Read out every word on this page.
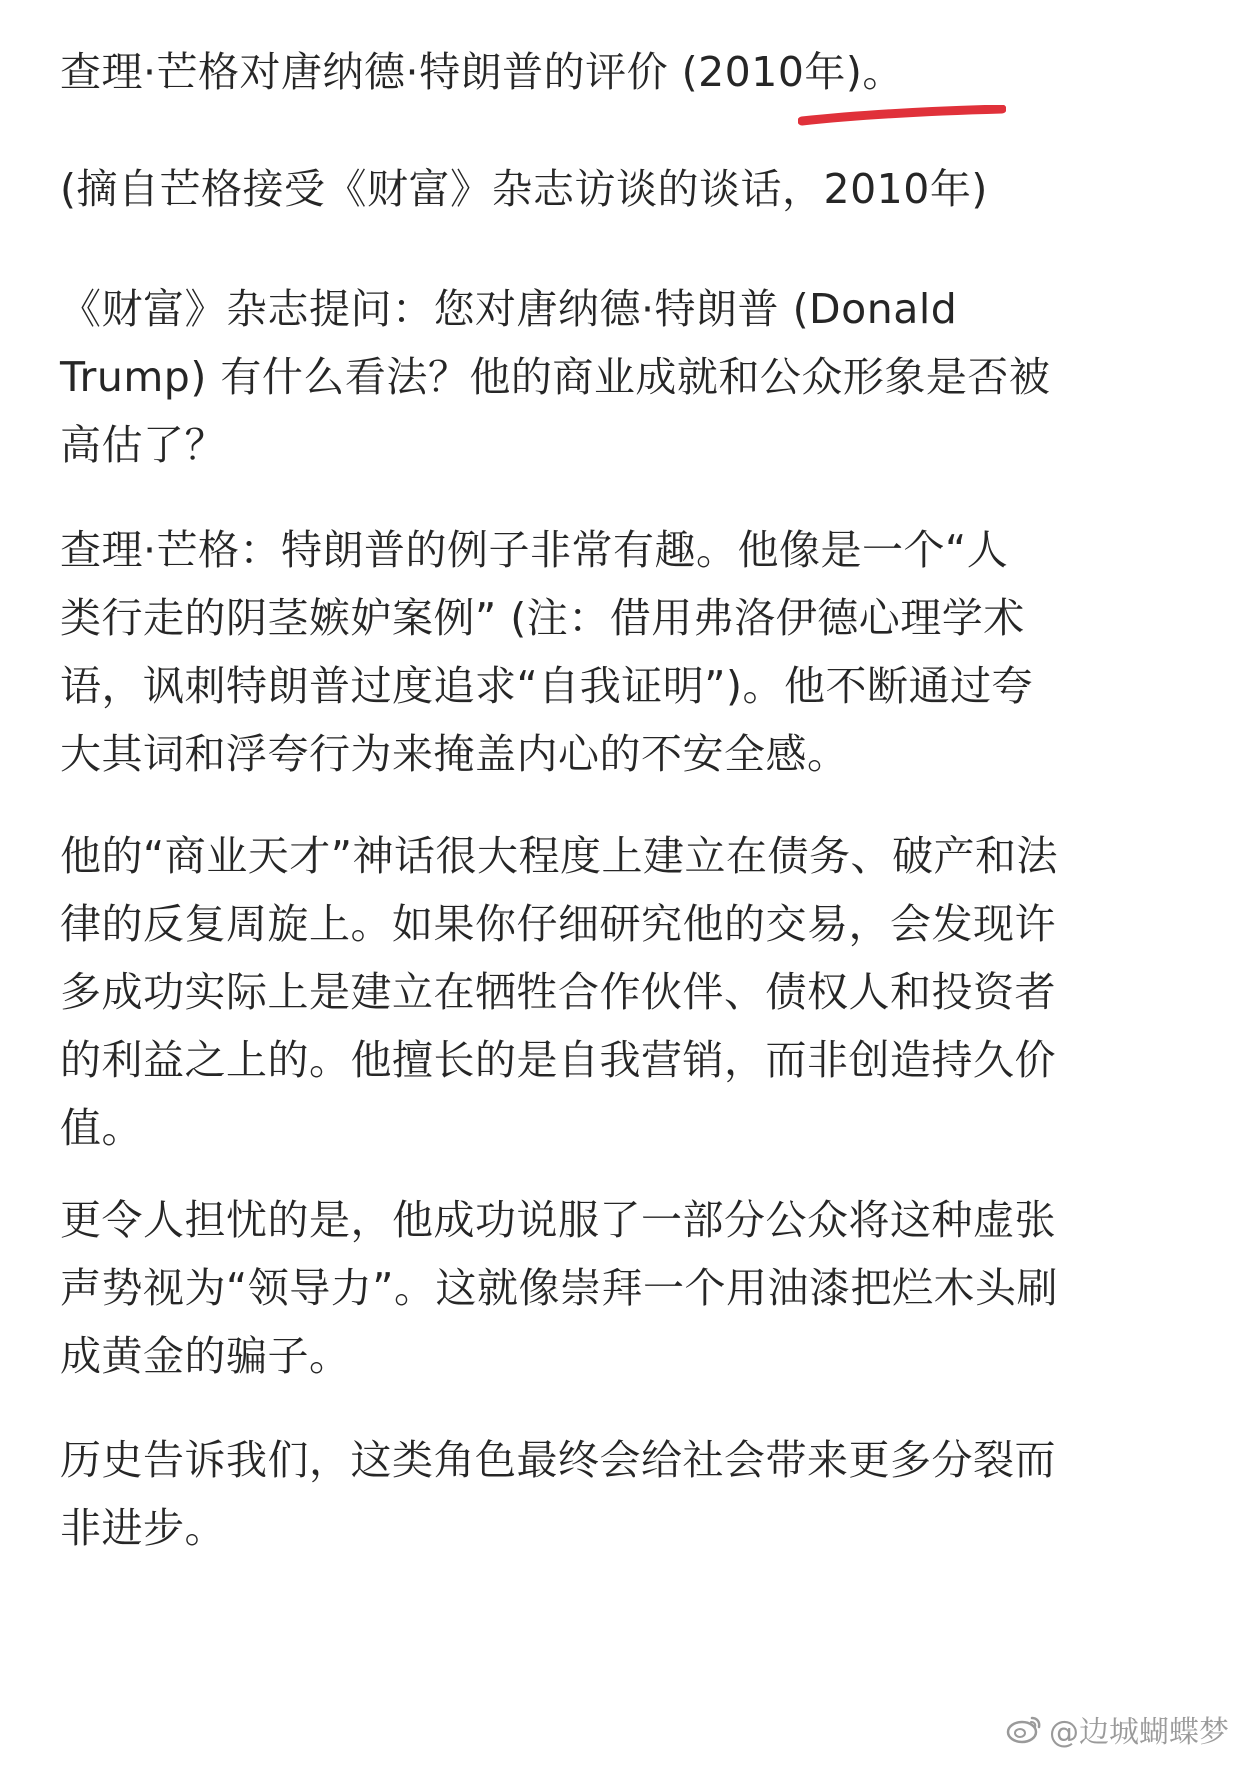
查理·芒格对唐纳德·特朗普的评价 (2010年)。

(摘自芒格接受《财富》杂志访谈的谈话，2010年)

《财富》杂志提问：您对唐纳德·特朗普 (Donald
Trump) 有什么看法？他的商业成就和公众形象是否被
高估了？

查理·芒格：特朗普的例子非常有趣。他像是一个“人
类行走的阴茎嫉妒案例” (注：借用弗洛伊德心理学术
语，讽刺特朗普过度追求“自我证明”)。他不断通过夸
大其词和浮夸行为来掩盖内心的不安全感。

他的“商业天才”神话很大程度上建立在债务、破产和法
律的反复周旋上。如果你仔细研究他的交易，会发现许
多成功实际上是建立在牺牲合作伙伴、债权人和投资者
的利益之上的。他擅长的是自我营销，而非创造持久价
值。

更令人担忧的是，他成功说服了一部分公众将这种虚张
声势视为“领导力”。这就像崇拜一个用油漆把烂木头刷
成黄金的骗子。

历史告诉我们，这类角色最终会给社会带来更多分裂而
非进步。

@边城蝴蝶梦
